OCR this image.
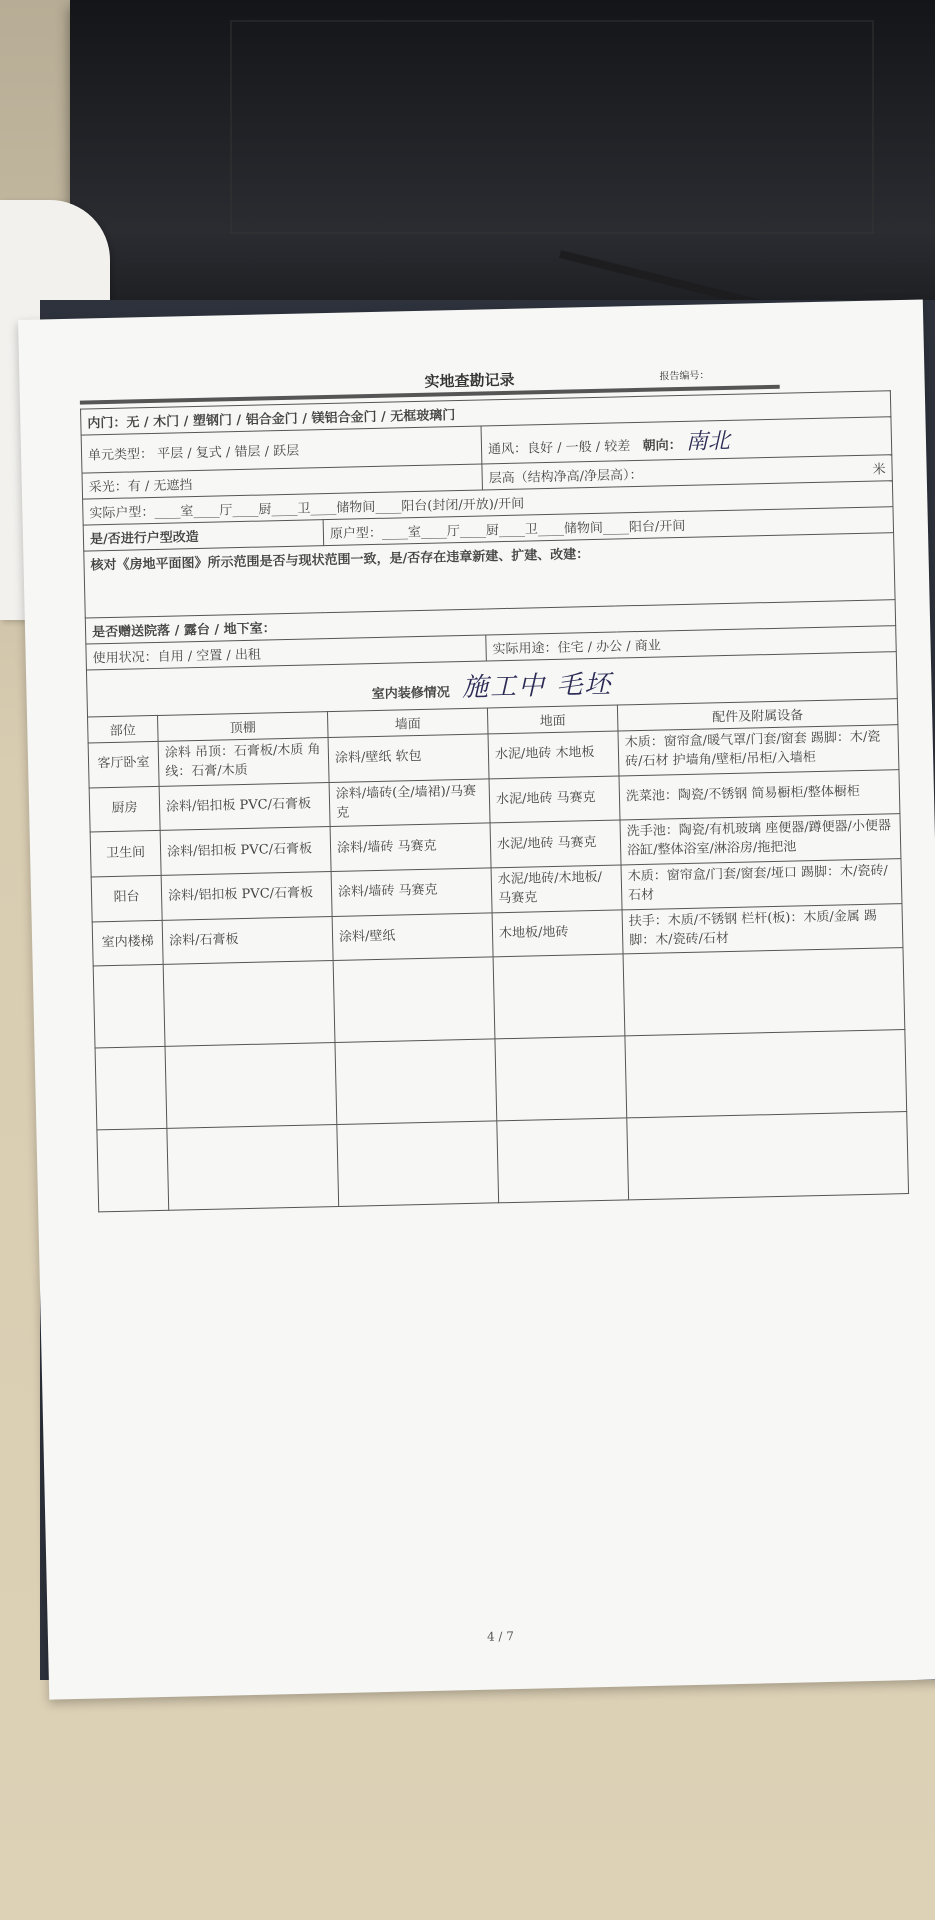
实地查勘记录	报告编号：
内门：无 / 木门 / 塑钢门 / 铝合金门 / 镁铝合金门 / 无框玻璃门				
单元类型： 平层 / 复式 / 错层 / 跃层			通风：良好 / 一般 / 较差 朝向： 南北	
采光：有 / 无遮挡			层高（结构净高/净层高）： 米	

实际户型：____室____厅____厨____卫____储物间____阳台(封闭/开放)/开间				
是/否进行户型改造		原户型：____室____厅____厨____卫____储物间____阳台/开间		
核对《房地平面图》所示范围是否与现状范围一致，是/否存在违章新建、扩建、改建：				
是否赠送院落 / 露台 / 地下室：				
使用状况：自用 / 空置 / 出租			实际用途：住宅 / 办公 / 商业	
室内装修情况 施工中 毛坯				
部位	顶棚	墙面	地面	配件及附属设备
客厅卧室	涂料 吊顶：石膏板/木质 角线：石膏/木质	涂料/壁纸 软包	水泥/地砖 木地板	木质：窗帘盒/暖气罩/门套/窗套 踢脚：木/瓷砖/石材 护墙角/壁柜/吊柜/入墙柜
厨房	涂料/铝扣板 PVC/石膏板	涂料/墙砖(全/墙裙)/马赛克	水泥/地砖 马赛克	洗菜池：陶瓷/不锈钢 简易橱柜/整体橱柜
卫生间	涂料/铝扣板 PVC/石膏板	涂料/墙砖 马赛克	水泥/地砖 马赛克	洗手池：陶瓷/有机玻璃 座便器/蹲便器/小便器 浴缸/整体浴室/淋浴房/拖把池
阳台	涂料/铝扣板 PVC/石膏板	涂料/墙砖 马赛克	水泥/地砖/木地板/马赛克	木质：窗帘盒/门套/窗套/垭口 踢脚：木/瓷砖/石材
室内楼梯	涂料/石膏板	涂料/壁纸	木地板/地砖	扶手：木质/不锈钢 栏杆(板)：木质/金属 踢脚：木/瓷砖/石材

4 / 7
